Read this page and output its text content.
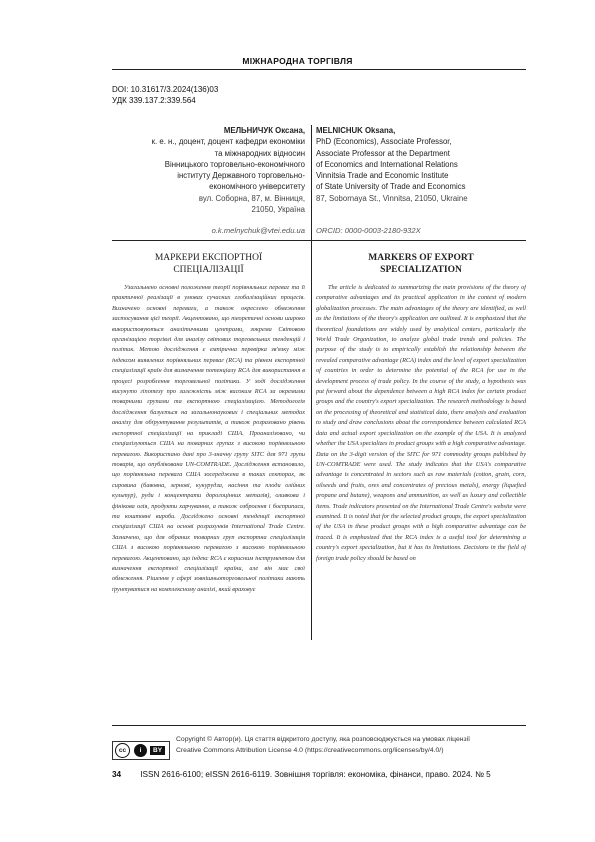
МІЖНАРОДНА ТОРГІВЛЯ
DOI: 10.31617/3.2024(136)03
УДК 339.137.2:339.564
МЕЛЬНИЧУК Оксана,
к. е. н., доцент, доцент кафедри економіки
та міжнародних відносин
Вінницького торговельно-економічного
інституту Державного торговельно-
економічного університету
вул. Соборна, 87, м. Вінниця,
21050, Україна
MELNICHUK Oksana,
PhD (Economics), Associate Professor,
Associate Professor at the Department
of Economics and International Relations
Vinnitsia Trade and Economic Institute
of State University of Trade and Economics
87, Sobornaya St., Vinnitsa, 21050, Ukraine
o.k.melnychuk@vtei.edu.ua ORCID: 0000-0003-2180-932X
МАРКЕРИ ЕКСПОРТНОЇ
СПЕЦІАЛІЗАЦІЇ
MARKERS OF EXPORT
SPECIALIZATION

Узагальнено основні положення теорії порівняльних переваг та її практичної реалізації в умовах сучасних глобалізаційних процесів. Визначено основні переваги, а також окреслено обмеження застосування цієї теорії. Акцентовано, що теоретичні основи широко використовуються аналітичними центрами, зокрема Світовою організацією торгівлі для аналізу світових торговельних тенденцій і політик. Метою дослідження є емпірична перевірка зв'язку між індексом виявлених порівняльних переваг (RCA) та рівнем експортної спеціалізації країн для визначення потенціалу RCA для використання в процесі розроблення торговельної політики. У ході дослідження висунуто гіпотезу про залежність між високим RCA за окремими товарними групами та експортною спеціалізацією. Методологія дослідження базується на загальнонаукових і спеціальних методах аналізу для обґрунтування результатів, а також розраховано рівень експортної спеціалізації на прикладі США. Проаналізовано, чи спеціалізуються США на товарних групах з високою порівняльною перевагою. Використано дані про 3-значну групу SITC для 971 групи товарів, що опублікована UN-COMTRADE. Дослідження встановило, що порівняльна перевага США зосереджена в таких секторах, як сировина (бавовна, зернові, кукурудза, насіння та плоди олійних культур), руди і концентрати дорогоцінних металів), оливкова і фінікова олія, продукти харчування, а також озброєння і боєприпаси, та коштовні вироби. Досліджено основні тенденції експортної спеціалізації США на основі розрахунків International Trade Centre. Зазначено, що для обраних товарних груп експортна спеціалізація США з високою порівняльною перевагою з високою порівняльною перевагою. Акцентовано, що індекс RCA є корисним інструментом для визначення експортної спеціалізації країни, але він має свої обмеження. Рішення у сфері зовнішньоторговельної політики мають ґрунтуватися на комплексному аналізі, який враховує

The article is dedicated to summarizing the main provisions of the theory of comparative advantages and its practical application in the context of modern globalization processes. The main advantages of the theory are identified, as well as the limitations of the theory's application are outlined. It is emphasized that the theoretical foundations are widely used by analytical centers, particularly the World Trade Organization, to analyze global trade trends and policies. The purpose of the study is to empirically establish the relationship between the revealed comparative advantage (RCA) index and the level of export specialization of countries in order to determine the potential of the RCA for use in the development process of trade policy. In the course of the study, a hypothesis was put forward about the dependence between a high RCA index for certain product groups and the country's export specialization. The research methodology is based on the processing of theoretical and statistical data, there analysis and evaluation to study and draw conclusions about the correspondence between calculated RCA data and actual export specialization on the example of the USA. It is analyzed whether the USA specializes in product groups with a high comparative advantage. Data on the 3-digit version of the SITC for 971 commodity groups published by UN-COMTRADE were used. The study indicates that the USA's comparative advantage is concentrated in sectors such as raw materials (cotton, grain, corn, oilseeds and fruits, ores and concentrates of precious metals), energy (liquefied propane and butane), weapons and ammunition, as well as luxury and collectible items. Trade indicators presented on the International Trade Centre's website were examined. It is noted that for the selected product groups, the export specialization of the USA in these product groups with a high comparative advantage can be traced. It is emphasized that the RCA index is a useful tool for determining a country's export specialization, but it has its limitations. Decisions in the field of foreign trade policy should be based on

cc	i	BY
Copyright © Автор(и). Ця стаття відкритого доступу, яка розповсюджується на умовах ліцензії
Creative Commons Attribution License 4.0 (https://creativecommons.org/licenses/by/4.0/)
34 ISSN 2616-6100; eISSN 2616-6119. Зовнішня торгівля: економіка, фінанси, право. 2024. № 5
